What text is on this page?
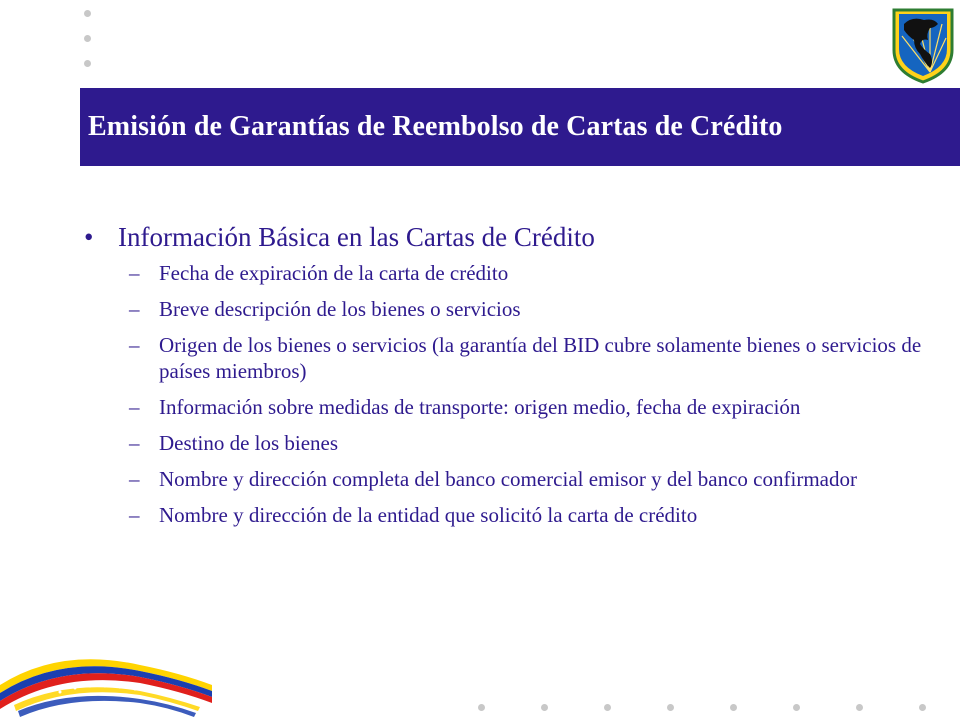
Emisión de Garantías de Reembolso de Cartas de Crédito
• Información Básica en las Cartas de Crédito
– Fecha de expiración de la carta de crédito
– Breve descripción de los bienes o servicios
– Origen de los bienes o servicios (la garantía del BID cubre solamente bienes o servicios de países miembros)
– Información sobre medidas de transporte: origen medio, fecha de expiración
– Destino de los bienes
– Nombre y dirección completa del banco comercial emisor y del banco confirmador
– Nombre y dirección de la entidad que solicitó la carta de crédito
